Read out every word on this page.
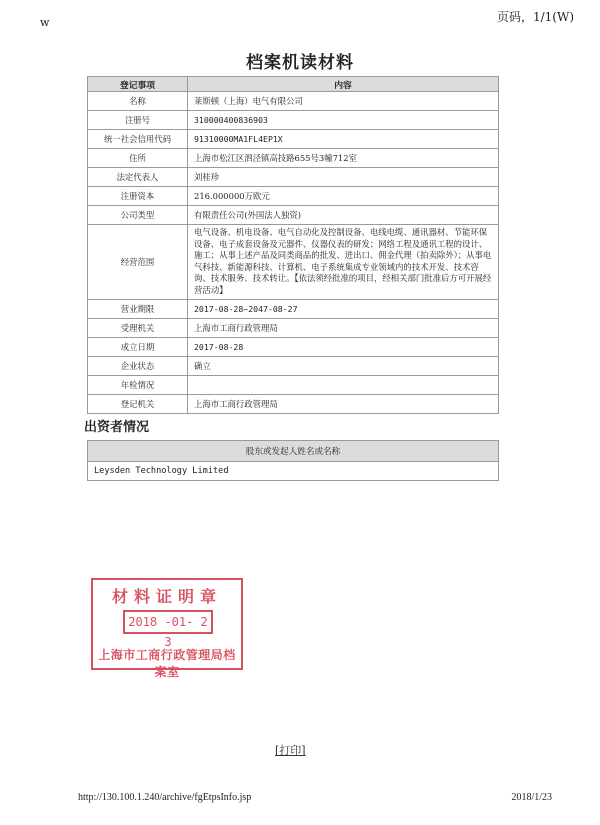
w	页码，1/1(W)
档案机读材料
登记事项	内容
名称	莱斯顿（上海）电气有限公司
注册号	310000400836903
统一社会信用代码	91310000MA1FL4EP1X
住所	上海市松江区泗泾镇高技路655号3幢712室
法定代表人	刘桂珍
注册资本	216.000000万欧元
公司类型	有限责任公司(外国法人独资)
经营范围	电气设备、机电设备、电气自动化及控制设备、电线电缆、通讯器材、节能环保设备、电子成套设备及元器件、仪器仪表的研发；网络工程及通讯工程的设计、施工；从事上述产品及同类商品的批发、进出口、佣金代理（拍卖除外）；从事电气科技、新能源科技、计算机、电子系统集成专业领域内的技术开发、技术咨询、技术服务、技术转让。【依法须经批准的项目，经相关部门批准后方可开展经营活动】
营业期限	2017-08-28~2047-08-27
受理机关	上海市工商行政管理局
成立日期	2017-08-28
企业状态	确立
年检情况	
登记机关	上海市工商行政管理局
出资者情况
股东或发起人姓名或名称
Leysden Technology Limited
材料证明章
2018 -01- 2 3
上海市工商行政管理局档案室
[打印]
http://130.100.1.240/archive/fgEtpsInfo.jsp	2018/1/23
